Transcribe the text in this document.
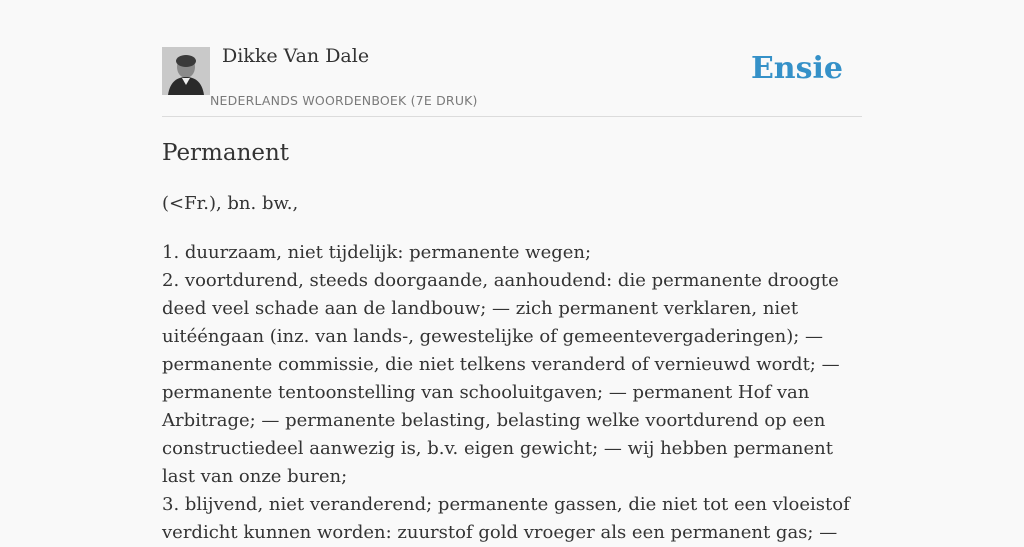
Dikke Van Dale
NEDERLANDS WOORDENBOEK (7E DRUK)
Ensie
Permanent
(<Fr.), bn. bw.,
1. duurzaam, niet tijdelijk: permanente wegen;
2. voortdurend, steeds doorgaande, aanhoudend: die permanente droogte deed veel schade aan de landbouw; — zich permanent verklaren, niet uitééngaan (inz. van lands-, gewestelijke of gemeentevergaderingen); — permanente commissie, die niet telkens veranderd of vernieuwd wordt; — permanente tentoonstelling van schooluitgaven; — permanent Hof van Arbitrage; — permanente belasting, belasting welke voortdurend op een constructiedeel aanwezig is, b.v. eigen gewicht; — wij hebben permanent last van onze buren;
3. blijvend, niet veranderend; permanente gassen, die niet tot een vloeistof verdicht kunnen worden: zuurstof gold vroeger als een permanent gas; —
